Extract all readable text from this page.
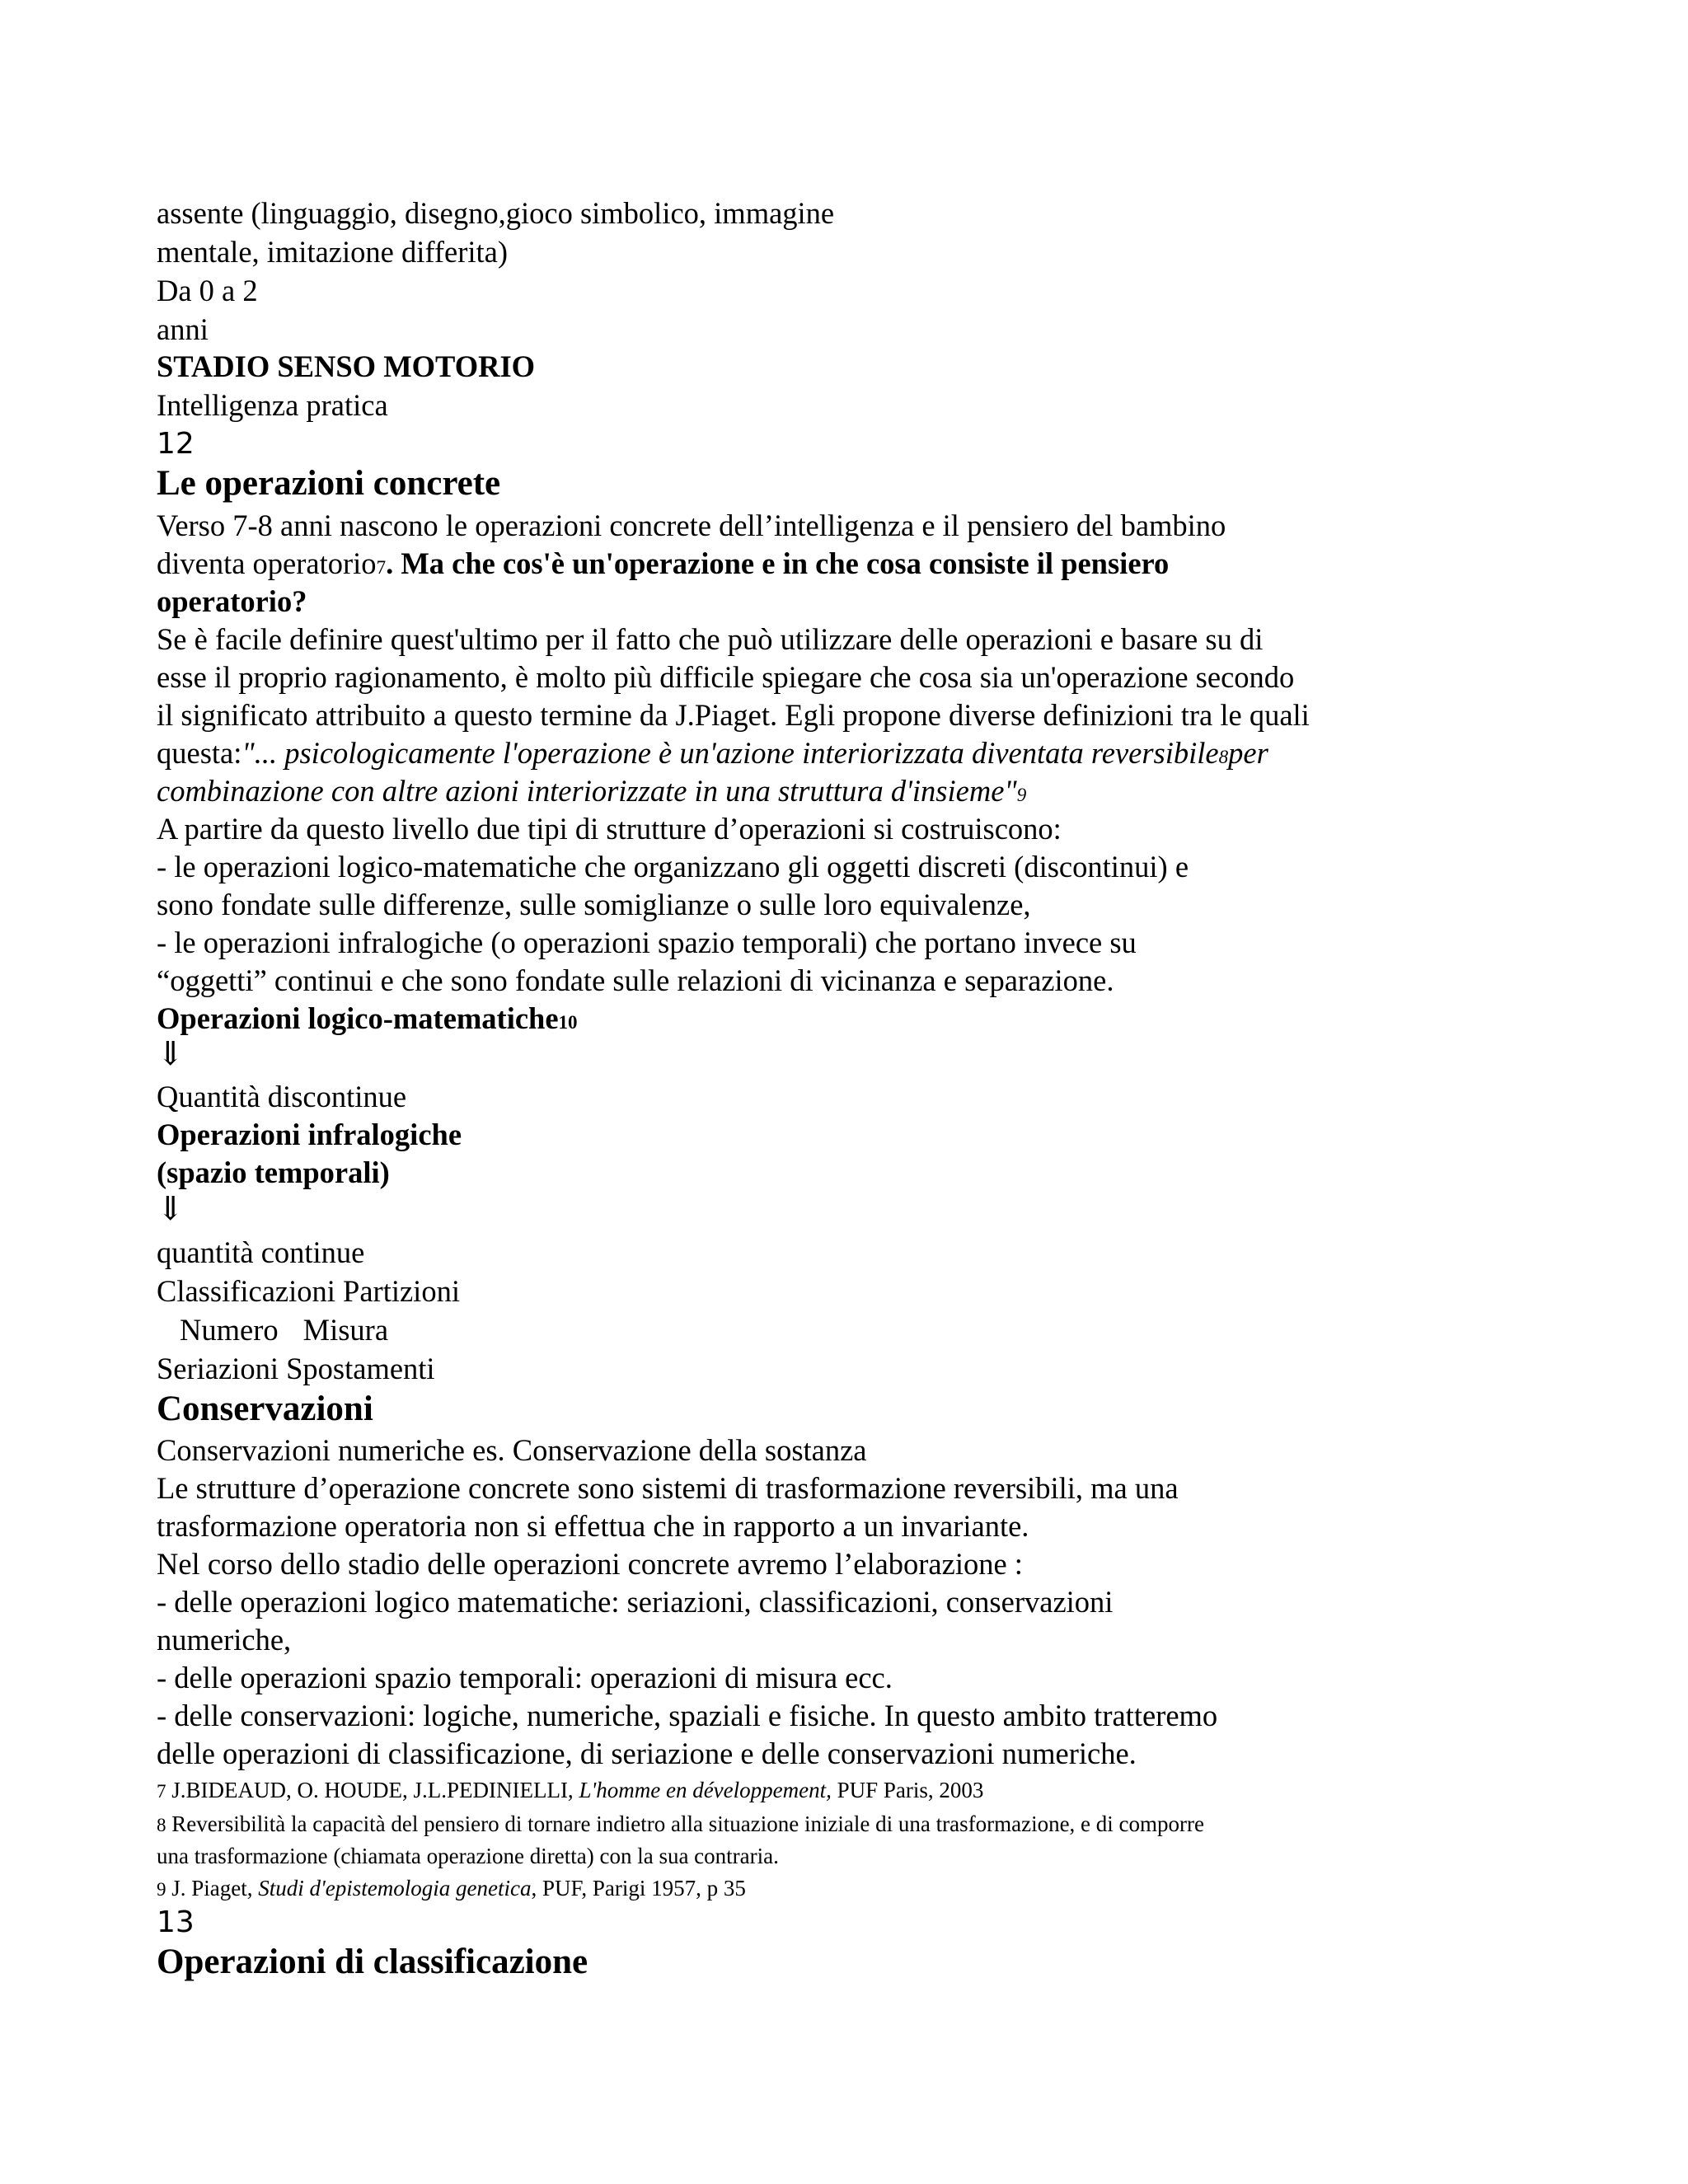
assente (linguaggio, disegno,gioco simbolico, immagine
mentale, imitazione differita)
Da 0 a 2
anni
STADIO SENSO MOTORIO
Intelligenza pratica
12
Le operazioni concrete
Verso 7-8 anni nascono le operazioni concrete dell’intelligenza e il pensiero del bambino
diventa operatorio7. Ma che cos'è un'operazione e in che cosa consiste il pensiero
operatorio?
Se è facile definire quest'ultimo per il fatto che può utilizzare delle operazioni e basare su di
esse il proprio ragionamento, è molto più difficile spiegare che cosa sia un'operazione secondo
il significato attribuito a questo termine da J.Piaget. Egli propone diverse definizioni tra le quali
questa:"... psicologicamente l'operazione è un'azione interiorizzata diventata reversibile8per
combinazione con altre azioni interiorizzate in una struttura d'insieme"9
A partire da questo livello due tipi di strutture d’operazioni si costruiscono:
- le operazioni logico-matematiche che organizzano gli oggetti discreti (discontinui) e
sono fondate sulle differenze, sulle somiglianze o sulle loro equivalenze,
- le operazioni infralogiche (o operazioni spazio temporali) che portano invece su
“oggetti” continui e che sono fondate sulle relazioni di vicinanza e separazione.
Operazioni logico-matematiche10
⇓
Quantità discontinue
Operazioni infralogiche
(spazio temporali)
⇓
quantità continue
Classificazioni Partizioni
Numero Misura
Seriazioni Spostamenti
Conservazioni
Conservazioni numeriche es. Conservazione della sostanza
Le strutture d’operazione concrete sono sistemi di trasformazione reversibili, ma una
trasformazione operatoria non si effettua che in rapporto a un invariante.
Nel corso dello stadio delle operazioni concrete avremo l’elaborazione :
- delle operazioni logico matematiche: seriazioni, classificazioni, conservazioni
numeriche,
- delle operazioni spazio temporali: operazioni di misura ecc.
- delle conservazioni: logiche, numeriche, spaziali e fisiche. In questo ambito tratteremo
delle operazioni di classificazione, di seriazione e delle conservazioni numeriche.
7 J.BIDEAUD, O. HOUDE, J.L.PEDINIELLI, L'homme en développement, PUF Paris, 2003
8 Reversibilità la capacità del pensiero di tornare indietro alla situazione iniziale di una trasformazione, e di comporre
una trasformazione (chiamata operazione diretta) con la sua contraria.
9 J. Piaget, Studi d'epistemologia genetica, PUF, Parigi 1957, p 35
13
Operazioni di classificazione
